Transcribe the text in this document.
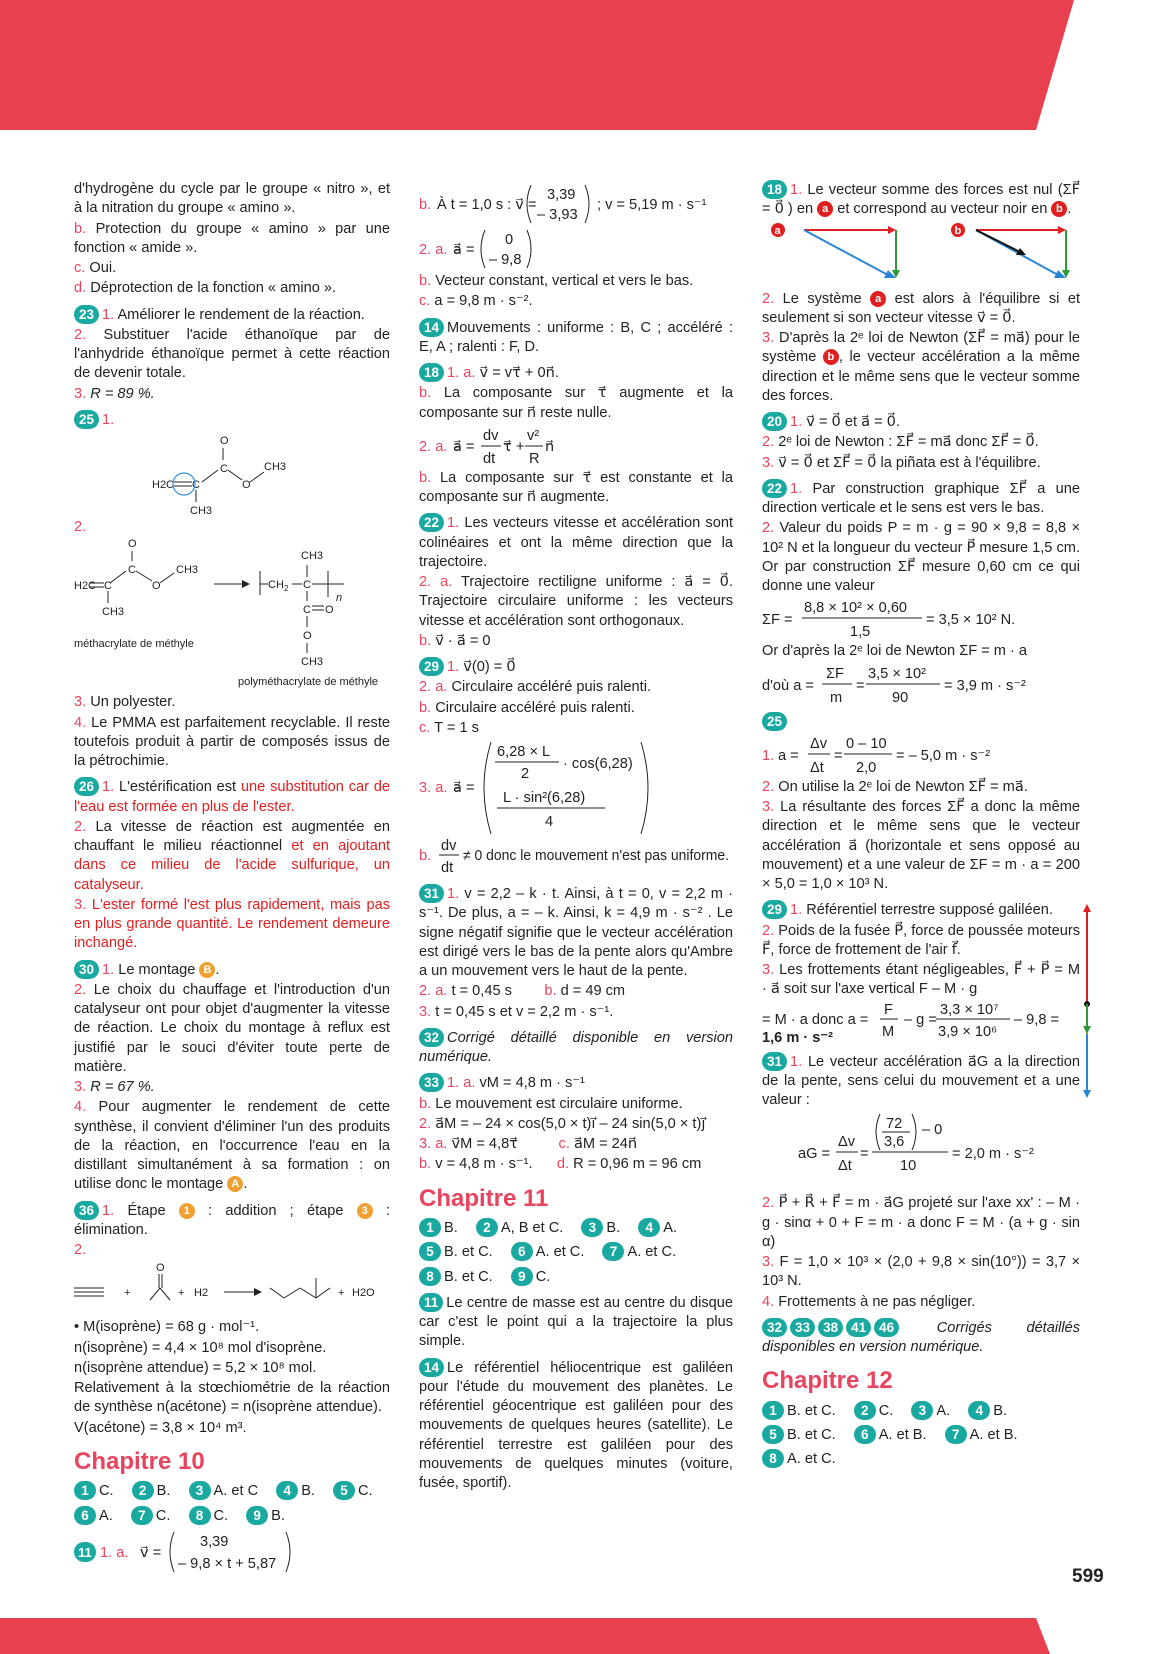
d'hydrogène du cycle par le groupe « nitro », et à la nitration du groupe « amino ».

b. Protection du groupe « amino » par une fonction « amide ».

c. Oui.

d. Déprotection de la fonction « amino ».

23 1. Améliorer le rendement de la réaction.

2. Substituer l'acide éthanoïque par de l'anhydride éthanoïque permet à cette réaction de devenir totale.

3. R = 89 %.

25 1.

O
C
O
CH3
H2C C
CH3

2.

O
C
O
CH3
H2C C
CH3
méthacrylate de méthyle
CH 2 C
CH3
C O
n
O
CH3
polyméthacrylate de méthyle

3. Un polyester.

4. Le PMMA est parfaitement recyclable. Il reste toutefois produit à partir de composés issus de la pétrochimie.

26 1. L'estérification est une substitution car de l'eau est formée en plus de l'ester.

2. La vitesse de réaction est augmentée en chauffant le milieu réactionnel et en ajoutant dans ce milieu de l'acide sulfurique, un catalyseur.

3. L'ester formé l'est plus rapidement, mais pas en plus grande quantité. Le rendement demeure inchangé.

30 1. Le montage B .

2. Le choix du chauffage et l'introduction d'un catalyseur ont pour objet d'augmenter la vitesse de réaction. Le choix du montage à reflux est justifié par le souci d'éviter toute perte de matière.

3. R = 67 %.

4. Pour augmenter le rendement de cette synthèse, il convient d'éliminer l'un des produits de la réaction, en l'occurrence l'eau en la distillant simultanément à sa formation : on utilise donc le montage A .

36 1. Étape 1 : addition ; étape 3 : élimination.

2.

+
O
+ H2	+ H2O

• M(isoprène) = 68 g · mol⁻¹.

n(isoprène) = 4,4 × 10⁸ mol d'isoprène.

n(isoprène attendue) = 5,2 × 10⁸ mol.

Relativement à la stœchiométrie de la réaction de synthèse n(acétone) = n(isoprène attendue).

V(acétone) = 3,8 × 10⁴ m³.

Chapitre 10
1 C. 2 B. 3 A. et C 4 B. 5 C.
6 A. 7 C. 8 C. 9 B.
11 1. a. v⃗ =
3,39
– 9,8 × t + 5,87
b. À t = 1,0 s : v⃗ =
3,39
– 3,93
; v = 5,19 m · s⁻¹
2. a. a⃗ =
0
– 9,8

b. Vecteur constant, vertical et vers le bas.

c. a = 9,8 m · s⁻².

14 Mouvements : uniforme : B, C ; accéléré : E, A ; ralenti : F, D.

18 1. a. v⃗ = vτ⃗ + 0n⃗.

b. La composante sur τ⃗ augmente et la composante sur n⃗ reste nulle.

2. a. a⃗ =
dv
dt
τ⃗ +
v²
R
n⃗

b. La composante sur τ⃗ est constante et la composante sur n⃗ augmente.

22 1. Les vecteurs vitesse et accélération sont colinéaires et ont la même direction que la trajectoire.

2. a. Trajectoire rectiligne uniforme : a⃗ = 0⃗. Trajectoire circulaire uniforme : les vecteurs vitesse et accélération sont orthogonaux.

b. v⃗ · a⃗ = 0

29 1. v⃗(0) = 0⃗

2. a. Circulaire accéléré puis ralenti.

b. Circulaire accéléré puis ralenti.

c. T = 1 s

3. a. a⃗ =
6,28 × L
2
· cos(6,28)
L · sin²(6,28)
4
b.
dv
dt
≠ 0 donc le mouvement n'est pas uniforme.

31 1. v = 2,2 – k · t. Ainsi, à t = 0, v = 2,2 m · s⁻¹. De plus, a = – k. Ainsi, k = 4,9 m · s⁻² . Le signe négatif signifie que le vecteur accélération est dirigé vers le bas de la pente alors qu'Ambre a un mouvement vers le haut de la pente.

2. a. t = 0,45 s b. d = 49 cm

3. t = 0,45 s et v = 2,2 m · s⁻¹.

32 Corrigé détaillé disponible en version numérique.

33 1. a. vM = 4,8 m · s⁻¹

b. Le mouvement est circulaire uniforme.

2. a⃗M = – 24 × cos(5,0 × t)i⃗ – 24 sin(5,0 × t)j⃗

3. a. v⃗M = 4,8τ⃗	c. a⃗M = 24n⃗

b. v = 4,8 m · s⁻¹. d. R = 0,96 m = 96 cm

Chapitre 11
1 B. 2 A, B et C. 3 B. 4 A.
5 B. et C. 6 A. et C. 7 A. et C.
8 B. et C. 9 C.

11 Le centre de masse est au centre du disque car c'est le point qui a la trajectoire la plus simple.

14 Le référentiel héliocentrique est galiléen pour l'étude du mouvement des planètes. Le référentiel géocentrique est galiléen pour des mouvements de quelques heures (satellite). Le référentiel terrestre est galiléen pour des mouvements de quelques minutes (voiture, fusée, sportif).

18 1. Le vecteur somme des forces est nul (ΣF⃗ = 0⃗ ) en a et correspond au vecteur noir en b .

a	b

2. Le système a est alors à l'équilibre si et seulement si son vecteur vitesse v⃗ = 0⃗.

3. D'après la 2ᵉ loi de Newton (ΣF⃗ = ma⃗) pour le système b , le vecteur accélération a la même direction et le même sens que le vecteur somme des forces.

20 1. v⃗ = 0⃗ et a⃗ = 0⃗.

2. 2ᵉ loi de Newton : ΣF⃗ = ma⃗ donc ΣF⃗ = 0⃗.

3. v⃗ = 0⃗ et ΣF⃗ = 0⃗ la piñata est à l'équilibre.

22 1. Par construction graphique ΣF⃗ a une direction verticale et le sens est vers le bas.

2. Valeur du poids P = m · g = 90 × 9,8 = 8,8 × 10² N et la longueur du vecteur P⃗ mesure 1,5 cm. Or par construction ΣF⃗ mesure 0,60 cm ce qui donne une valeur

ΣF =
8,8 × 10² × 0,60
1,5
= 3,5 × 10² N.

Or d'après la 2ᵉ loi de Newton ΣF = m · a

d'où a =
ΣF
m
=
3,5 × 10²
90
= 3,9 m · s⁻²

25

1. a =
Δv
Δt
=
0 – 10
2,0
= – 5,0 m · s⁻²

2. On utilise la 2ᵉ loi de Newton ΣF⃗ = ma⃗.

3. La résultante des forces ΣF⃗ a donc la même direction et le même sens que le vecteur accélération a⃗ (horizontale et sens opposé au mouvement) et a une valeur de ΣF = m · a = 200 × 5,0 = 1,0 × 10³ N.

29 1. Référentiel terrestre supposé galiléen.

2. Poids de la fusée P⃗, force de poussée moteurs F⃗, force de frottement de l'air f⃗.

3. Les frottements étant négligeables, F⃗ + P⃗ = M · a⃗ soit sur l'axe vertical F – M · g

= M · a donc a =
F
M
– g =
3,3 × 10⁷
3,9 × 10⁶
– 9,8 =
1,6 m · s⁻²

31 1. Le vecteur accélération a⃗G a la direction de la pente, sens celui du mouvement et a une valeur :

aG =
Δv
Δt
=
72
3,6
– 0
10
= 2,0 m · s⁻²

2. P⃗ + R⃗ + F⃗ = m · a⃗G projeté sur l'axe xx' : – M · g · sinα + 0 + F = m · a donc F = M · (a + g · sin α)

3. F = 1,0 × 10³ × (2,0 + 9,8 × sin(10°)) = 3,7 × 10³ N.

4. Frottements à ne pas négliger.

32 33 38 41 46	Corrigés détaillés disponibles en version numérique.

Chapitre 12
1 B. et C. 2 C. 3 A. 4 B.
5 B. et C. 6 A. et B. 7 A. et B.
8 A. et C.
599
